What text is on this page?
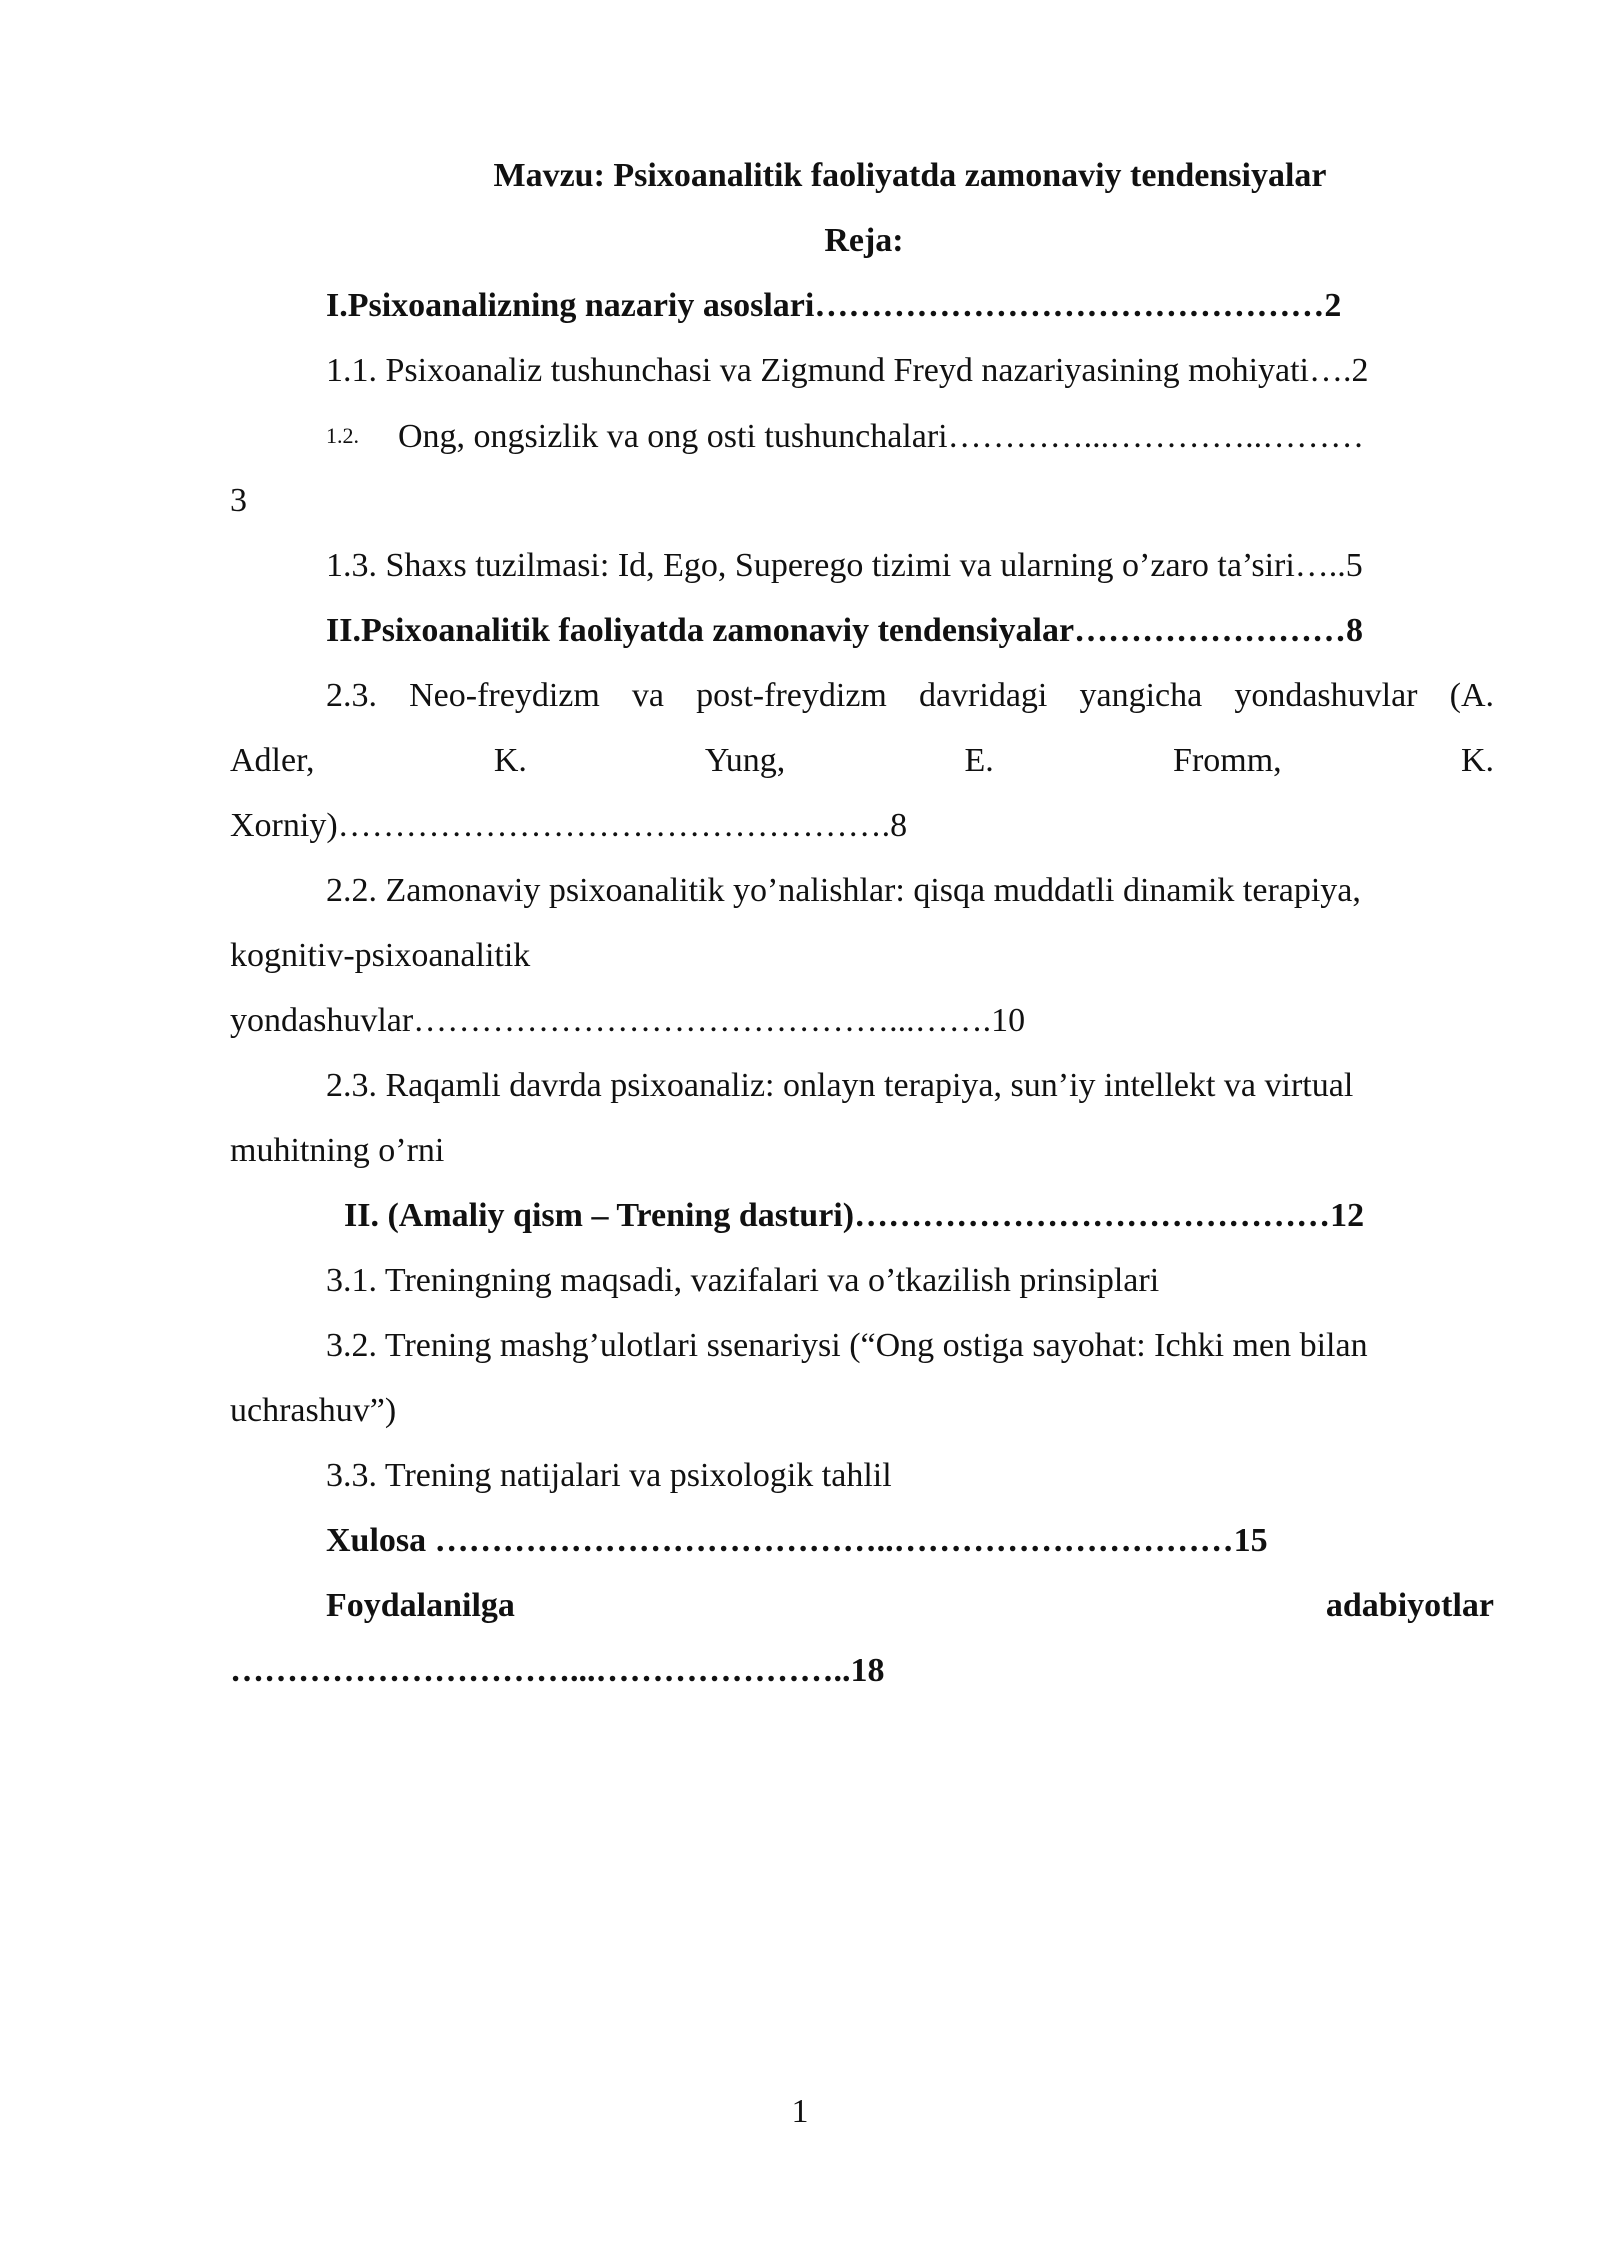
Mavzu: Psixoanalitik faoliyatda zamonaviy tendensiyalar
Reja:
I.Psixoanalizning nazariy asoslari………………………………………2
1.1. Psixoanaliz tushunchasi va Zigmund Freyd nazariyasining mohiyati….2
1.2. Ong, ongsizlik va ong osti tushunchalari…………...…………..………
3
1.3. Shaxs tuzilmasi: Id, Ego, Superego tizimi va ularning o’zaro ta’siri…..5
II.Psixoanalitik faoliyatda zamonaviy tendensiyalar……………………8
2.3. Neo-freydizm va post-freydizm davridagi yangicha yondashuvlar (A.
Adler, K. Yung, E. Fromm, K.
Xorniy)………………………………………….8
2.2. Zamonaviy psixoanalitik yo’nalishlar: qisqa muddatli dinamik terapiya,
kognitiv-psixoanalitik
yondashuvlar……………………………………...…….10
2.3. Raqamli davrda psixoanaliz: onlayn terapiya, sun’iy intellekt va virtual
muhitning o’rni
II. (Amaliy qism – Trening dasturi)……………………………………12
3.1. Treningning maqsadi, vazifalari va o’tkazilish prinsiplari
3.2. Trening mashg’ulotlari ssenariysi (“Ong ostiga sayohat: Ichki men bilan
uchrashuv”)
3.3. Trening natijalari va psixologik tahlil
Xulosa …………………………………..…………………………15
Foydalanilga	adabiyotlar
…………………………...…………………..18
1
